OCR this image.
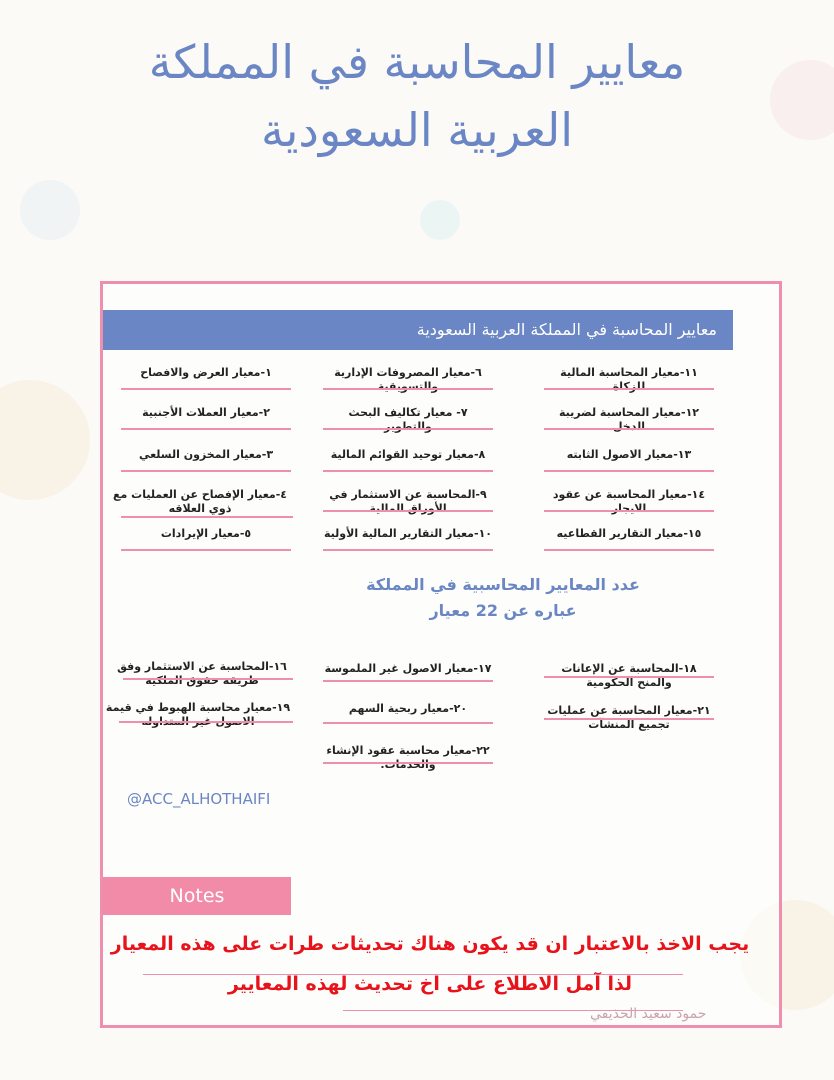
معايير المحاسبة في المملكة
العربية السعودية
معايير المحاسبة في المملكة العربية السعودية
١١-معيار المحاسبة المالية للزكاة
١٢-معيار المحاسبة لضريبة الدخل
١٣-معيار الاصول الثابته
١٤-معيار المحاسبة عن عقود الايجار
١٥-معيار التقارير القطاعيه
٦-معيار المصروفات الإدارية والتسويقية
٧- معيار تكاليف البحث والتطوير
٨-معيار توحيد القوائم المالية
٩-المحاسبة عن الاستثمار في الأوراق المالية
١٠-معيار التقارير المالية الأولية
١-معيار العرض والافصاح
٢-معيار العملات الأجنبية
٣-معيار المخزون السلعي
٤-معيار الإفصاح عن العمليات مع ذوي العلاقه
٥-معيار الإيرادات
عدد المعايير المحاسبية في المملكة
عباره عن 22 معيار
١٨-المحاسبة عن الإعانات والمنح الحكومية
١٧-معيار الاصول غير الملموسة
١٦-المحاسبة عن الاستثمار وفق طريقة حقوق الملكية
٢١-معيار المحاسبة عن عمليات تجميع المنشآت
٢٠-معيار ربحية السهم
١٩-معيار محاسبة الهبوط في قيمة الاصول غير المتداوله
٢٢-معيار محاسبة عقود الإنشاء والخدمات.
@ACC_ALHOTHAIFI
Notes
يجب الاخذ بالاعتبار ان قد يكون هناك تحديثات طرات على هذه المعيار لذا آمل الاطلاع على اخ تحديث لهذه المعايير
حمود سعيد الحذيفي
